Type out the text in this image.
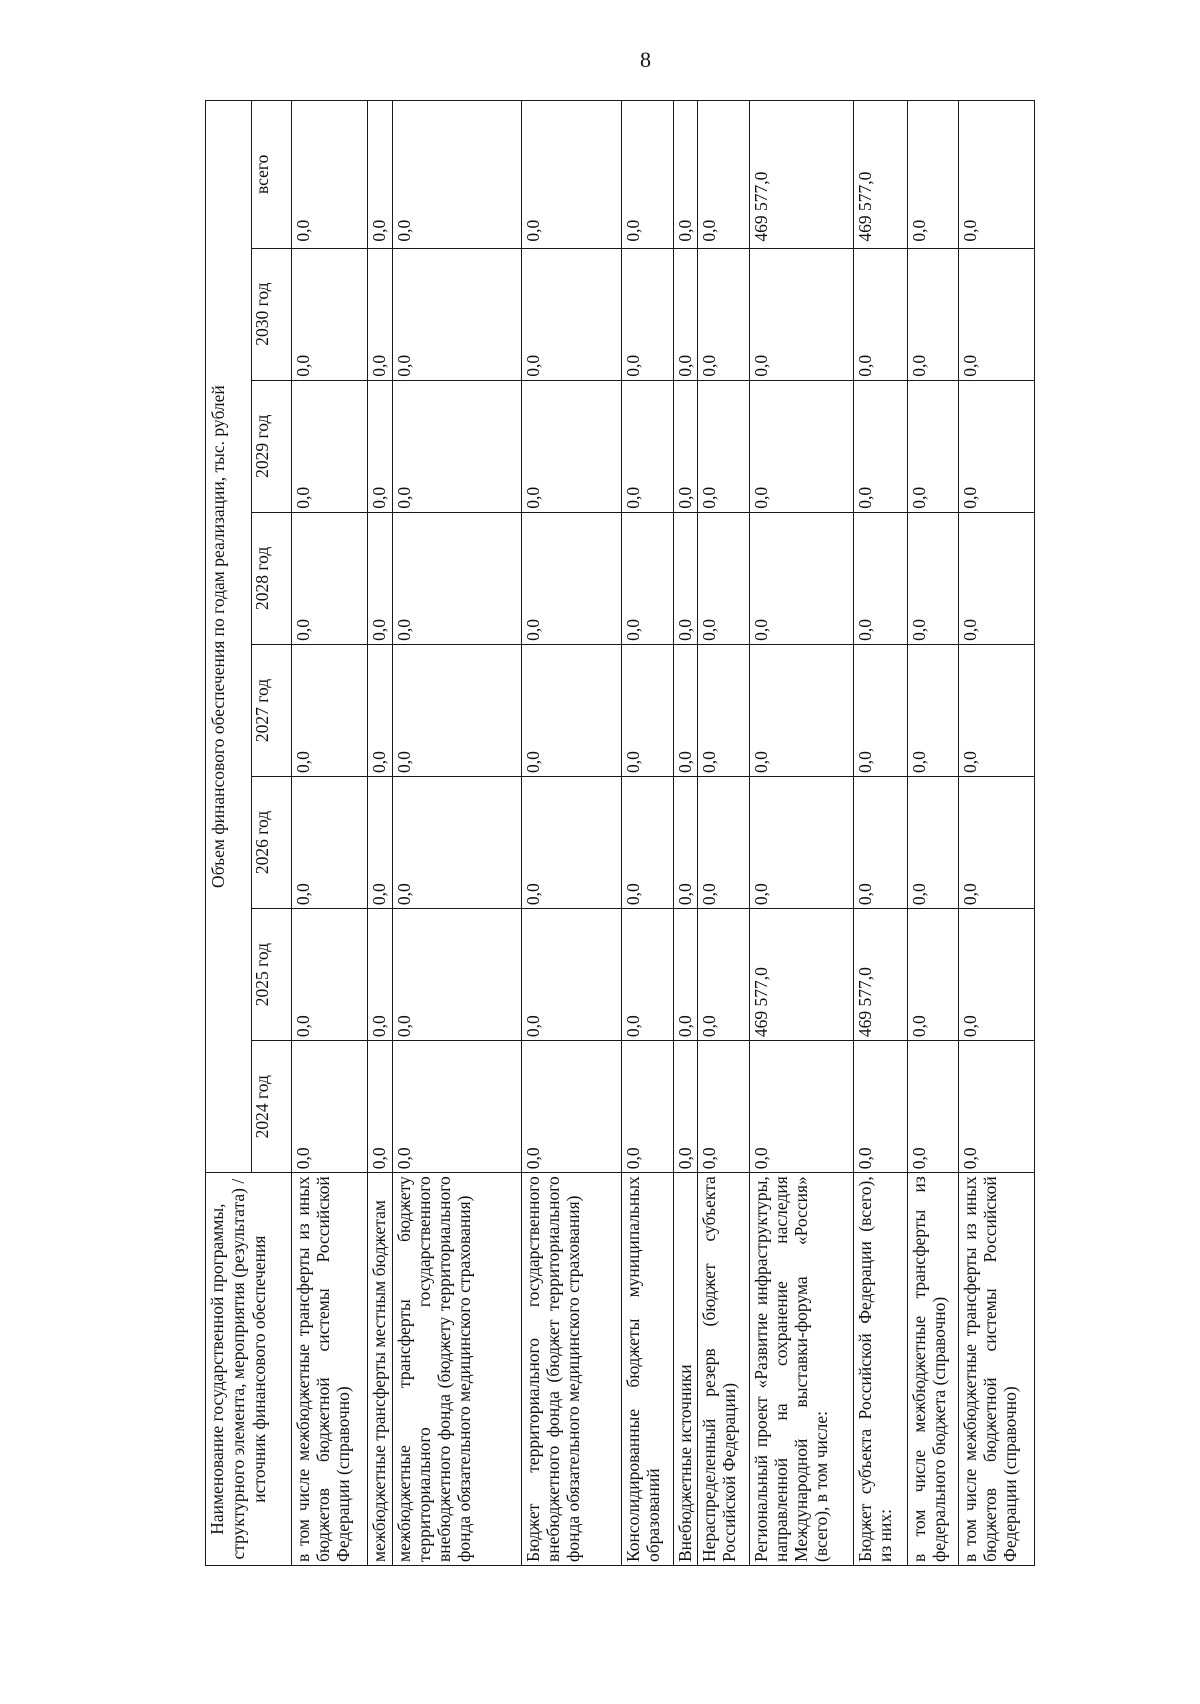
8
Наименование государственной программы, структурного элемента, мероприятия (результата) / источник финансового обеспечения	Объем финансового обеспечения по годам реализации, тыс. рублей							
	2024 год	2025 год	2026 год	2027 год	2028 год	2029 год	2030 год	всего
в том числе межбюджетные трансферты из иных бюджетов бюджетной системы Российской Федерации (справочно)	0,0	0,0	0,0	0,0	0,0	0,0	0,0	0,0
межбюджетные трансферты местным бюджетам	0,0	0,0	0,0	0,0	0,0	0,0	0,0	0,0
межбюджетные трансферты бюджету территориального государственного внебюджетного фонда (бюджету территориального фонда обязательного медицинского страхования)	0,0	0,0	0,0	0,0	0,0	0,0	0,0	0,0
Бюджет территориального государственного внебюджетного фонда (бюджет территориального фонда обязательного медицинского страхования)	0,0	0,0	0,0	0,0	0,0	0,0	0,0	0,0
Консолидированные бюджеты муниципальных образований	0,0	0,0	0,0	0,0	0,0	0,0	0,0	0,0
Внебюджетные источники	0,0	0,0	0,0	0,0	0,0	0,0	0,0	0,0
Нераспределенный резерв (бюджет субъекта Российской Федерации)	0,0	0,0	0,0	0,0	0,0	0,0	0,0	0,0
Региональный проект «Развитие инфраструктуры, направленной на сохранение наследия Международной выставки-форума «Россия» (всего), в том числе:	0,0	469 577,0	0,0	0,0	0,0	0,0	0,0	469 577,0
Бюджет субъекта Российской Федерации (всего), из них:	0,0	469 577,0	0,0	0,0	0,0	0,0	0,0	469 577,0
в том числе межбюджетные трансферты из федерального бюджета (справочно)	0,0	0,0	0,0	0,0	0,0	0,0	0,0	0,0
в том числе межбюджетные трансферты из иных бюджетов бюджетной системы Российской Федерации (справочно)	0,0	0,0	0,0	0,0	0,0	0,0	0,0	0,0
